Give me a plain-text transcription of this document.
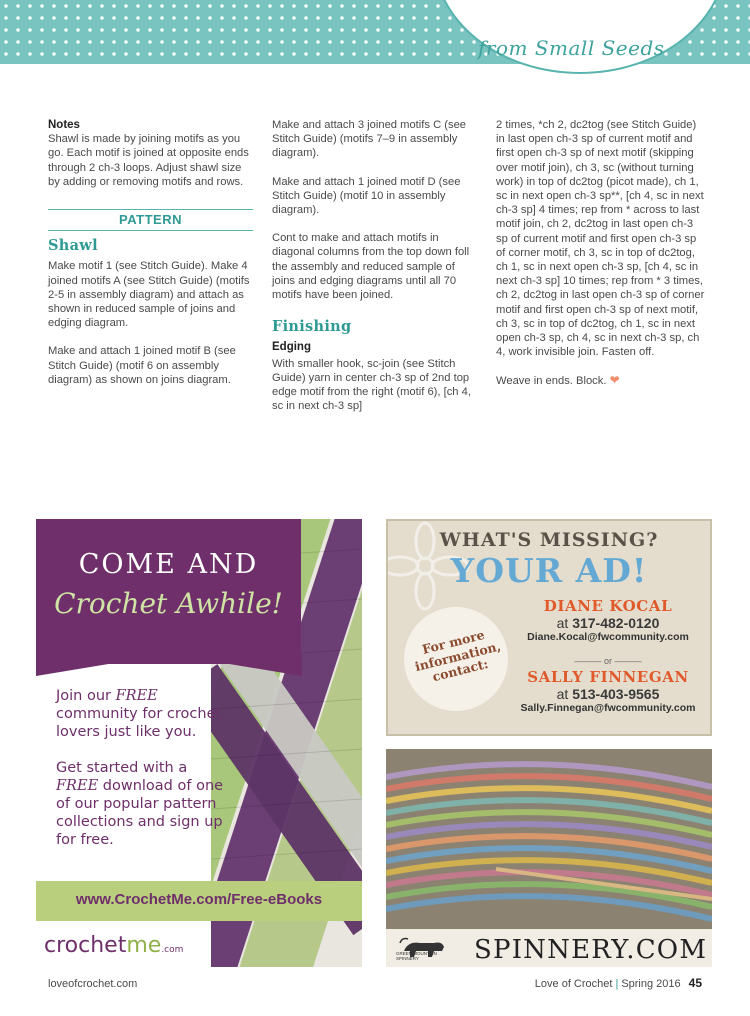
from Small Seeds
Notes

Shawl is made by joining motifs as you go. Each motif is joined at opposite ends through 2 ch-3 loops. Adjust shawl size by adding or removing motifs and rows.

PATTERN
Shawl

Make motif 1 (see Stitch Guide). Make 4 joined motifs A (see Stitch Guide) (motifs 2-5 in assembly diagram) and attach as shown in reduced sample of joins and edging diagram.

Make and attach 1 joined motif B (see Stitch Guide) (motif 6 on assembly diagram) as shown on joins diagram.

Make and attach 3 joined motifs C (see Stitch Guide) (motifs 7–9 in assembly diagram).

Make and attach 1 joined motif D (see Stitch Guide) (motif 10 in assembly diagram).

Cont to make and attach motifs in diagonal columns from the top down foll the assembly and reduced sample of joins and edging diagrams until all 70 motifs have been joined.

Finishing
Edging

With smaller hook, sc-join (see Stitch Guide) yarn in center ch-3 sp of 2nd top edge motif from the right (motif 6), [ch 4, sc in next ch-3 sp]

2 times, *ch 2, dc2tog (see Stitch Guide) in last open ch-3 sp of current motif and first open ch-3 sp of next motif (skipping over motif join), ch 3, sc (without turning work) in top of dc2tog (picot made), ch 1, sc in next open ch-3 sp**, [ch 4, sc in next ch-3 sp] 4 times; rep from * across to last motif join, ch 2, dc2tog in last open ch-3 sp of current motif and first open ch-3 sp of corner motif, ch 3, sc in top of dc2tog, ch 1, sc in next open ch-3 sp, [ch 4, sc in next ch-3 sp] 10 times; rep from * 3 times, ch 2, dc2tog in last open ch-3 sp of corner motif and first open ch-3 sp of next motif, ch 3, sc in top of dc2tog, ch 1, sc in next open ch-3 sp, ch 4, sc in next ch-3 sp, ch 4, work invisible join. Fasten off.

Weave in ends. Block. ❤

COME AND
Crochet Awhile!
Join our FREE community for crochet lovers just like you.
Get started with a FREE download of one of our popular pattern collections and sign up for free.
www.CrochetMe.com/Free-eBooks
crochetme.com
WHAT'S MISSING?
YOUR AD!
For more information, contact:
DIANE KOCAL
at 317-482-0120
Diane.Kocal@fwcommunity.com
——— or ———
SALLY FINNEGAN
at 513-403-9565
Sally.Finnegan@fwcommunity.com
GREEN MOUNTAIN SPINNERY	SPINNERY.COM
loveofcrochet.com	Love of Crochet | Spring 2016 45
